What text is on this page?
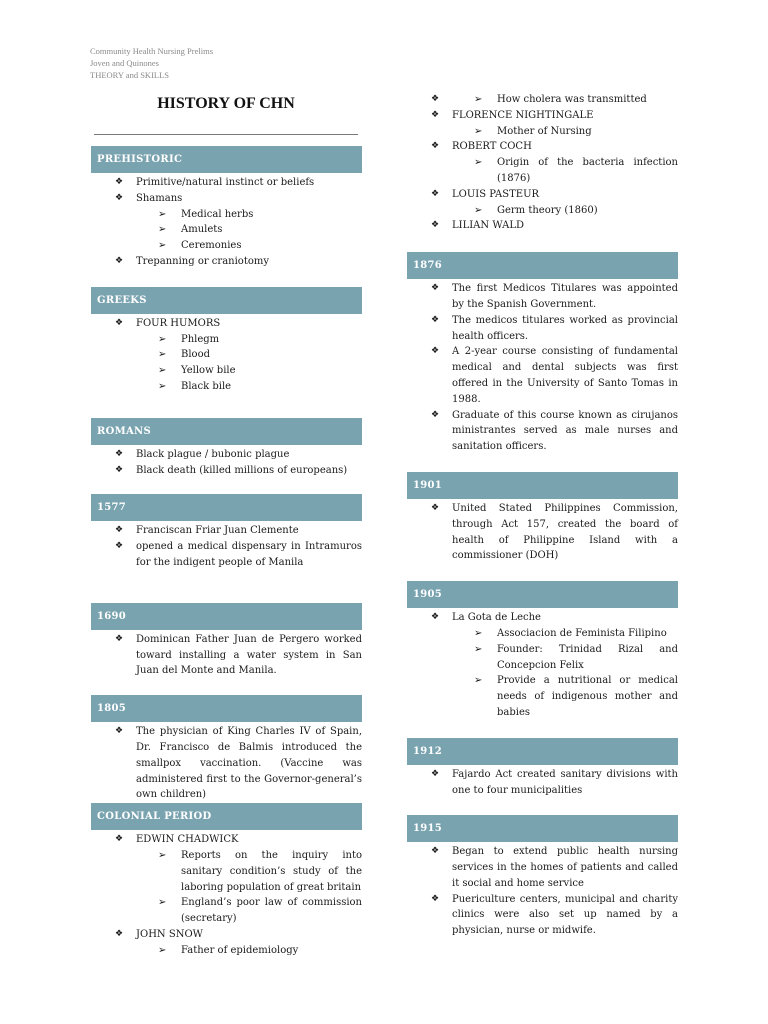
Community Health Nursing Prelims
Joven and Quinones
THEORY and SKILLS
HISTORY OF CHN
PREHISTORIC
❖ Primitive/natural instinct or beliefs
❖ Shamans
➢ Medical herbs
➢ Amulets
➢ Ceremonies
❖ Trepanning or craniotomy
GREEKS
❖ FOUR HUMORS
➢ Phlegm
➢ Blood
➢ Yellow bile
➢ Black bile
ROMANS
❖ Black plague / bubonic plague
❖ Black death (killed millions of europeans)
1577
❖ Franciscan Friar Juan Clemente
❖ opened a medical dispensary in Intramuros for the indigent people of Manila
1690
❖ Dominican Father Juan de Pergero worked toward installing a water system in San Juan del Monte and Manila.
1805
❖ The physician of King Charles IV of Spain, Dr. Francisco de Balmis introduced the smallpox vaccination. (Vaccine was administered first to the Governor-general’s own children)
COLONIAL PERIOD
❖ EDWIN CHADWICK
➢ Reports on the inquiry into sanitary condition’s study of the laboring population of great britain
➢ England’s poor law of commission (secretary)
❖ JOHN SNOW
➢ Father of epidemiology
➢ ❖ How cholera was transmitted
❖ FLORENCE NIGHTINGALE
➢ Mother of Nursing
❖ ROBERT COCH
➢ Origin of the bacteria infection (1876)
❖ LOUIS PASTEUR
➢ Germ theory (1860)
❖ LILIAN WALD
1876
❖ The first Medicos Titulares was appointed by the Spanish Government.
❖ The medicos titulares worked as provincial health officers.
❖ A 2-year course consisting of fundamental medical and dental subjects was first offered in the University of Santo Tomas in 1988.
❖ Graduate of this course known as cirujanos ministrantes served as male nurses and sanitation officers.
1901
❖ United Stated Philippines Commission, through Act 157, created the board of health of Philippine Island with a commissioner (DOH)
1905
❖ La Gota de Leche
➢ Associacion de Feminista Filipino
➢ Founder: Trinidad Rizal and Concepcion Felix
➢ Provide a nutritional or medical needs of indigenous mother and babies
1912
❖ Fajardo Act created sanitary divisions with one to four municipalities
1915
❖ Began to extend public health nursing services in the homes of patients and called it social and home service
❖ Puericulture centers, municipal and charity clinics were also set up named by a physician, nurse or midwife.
